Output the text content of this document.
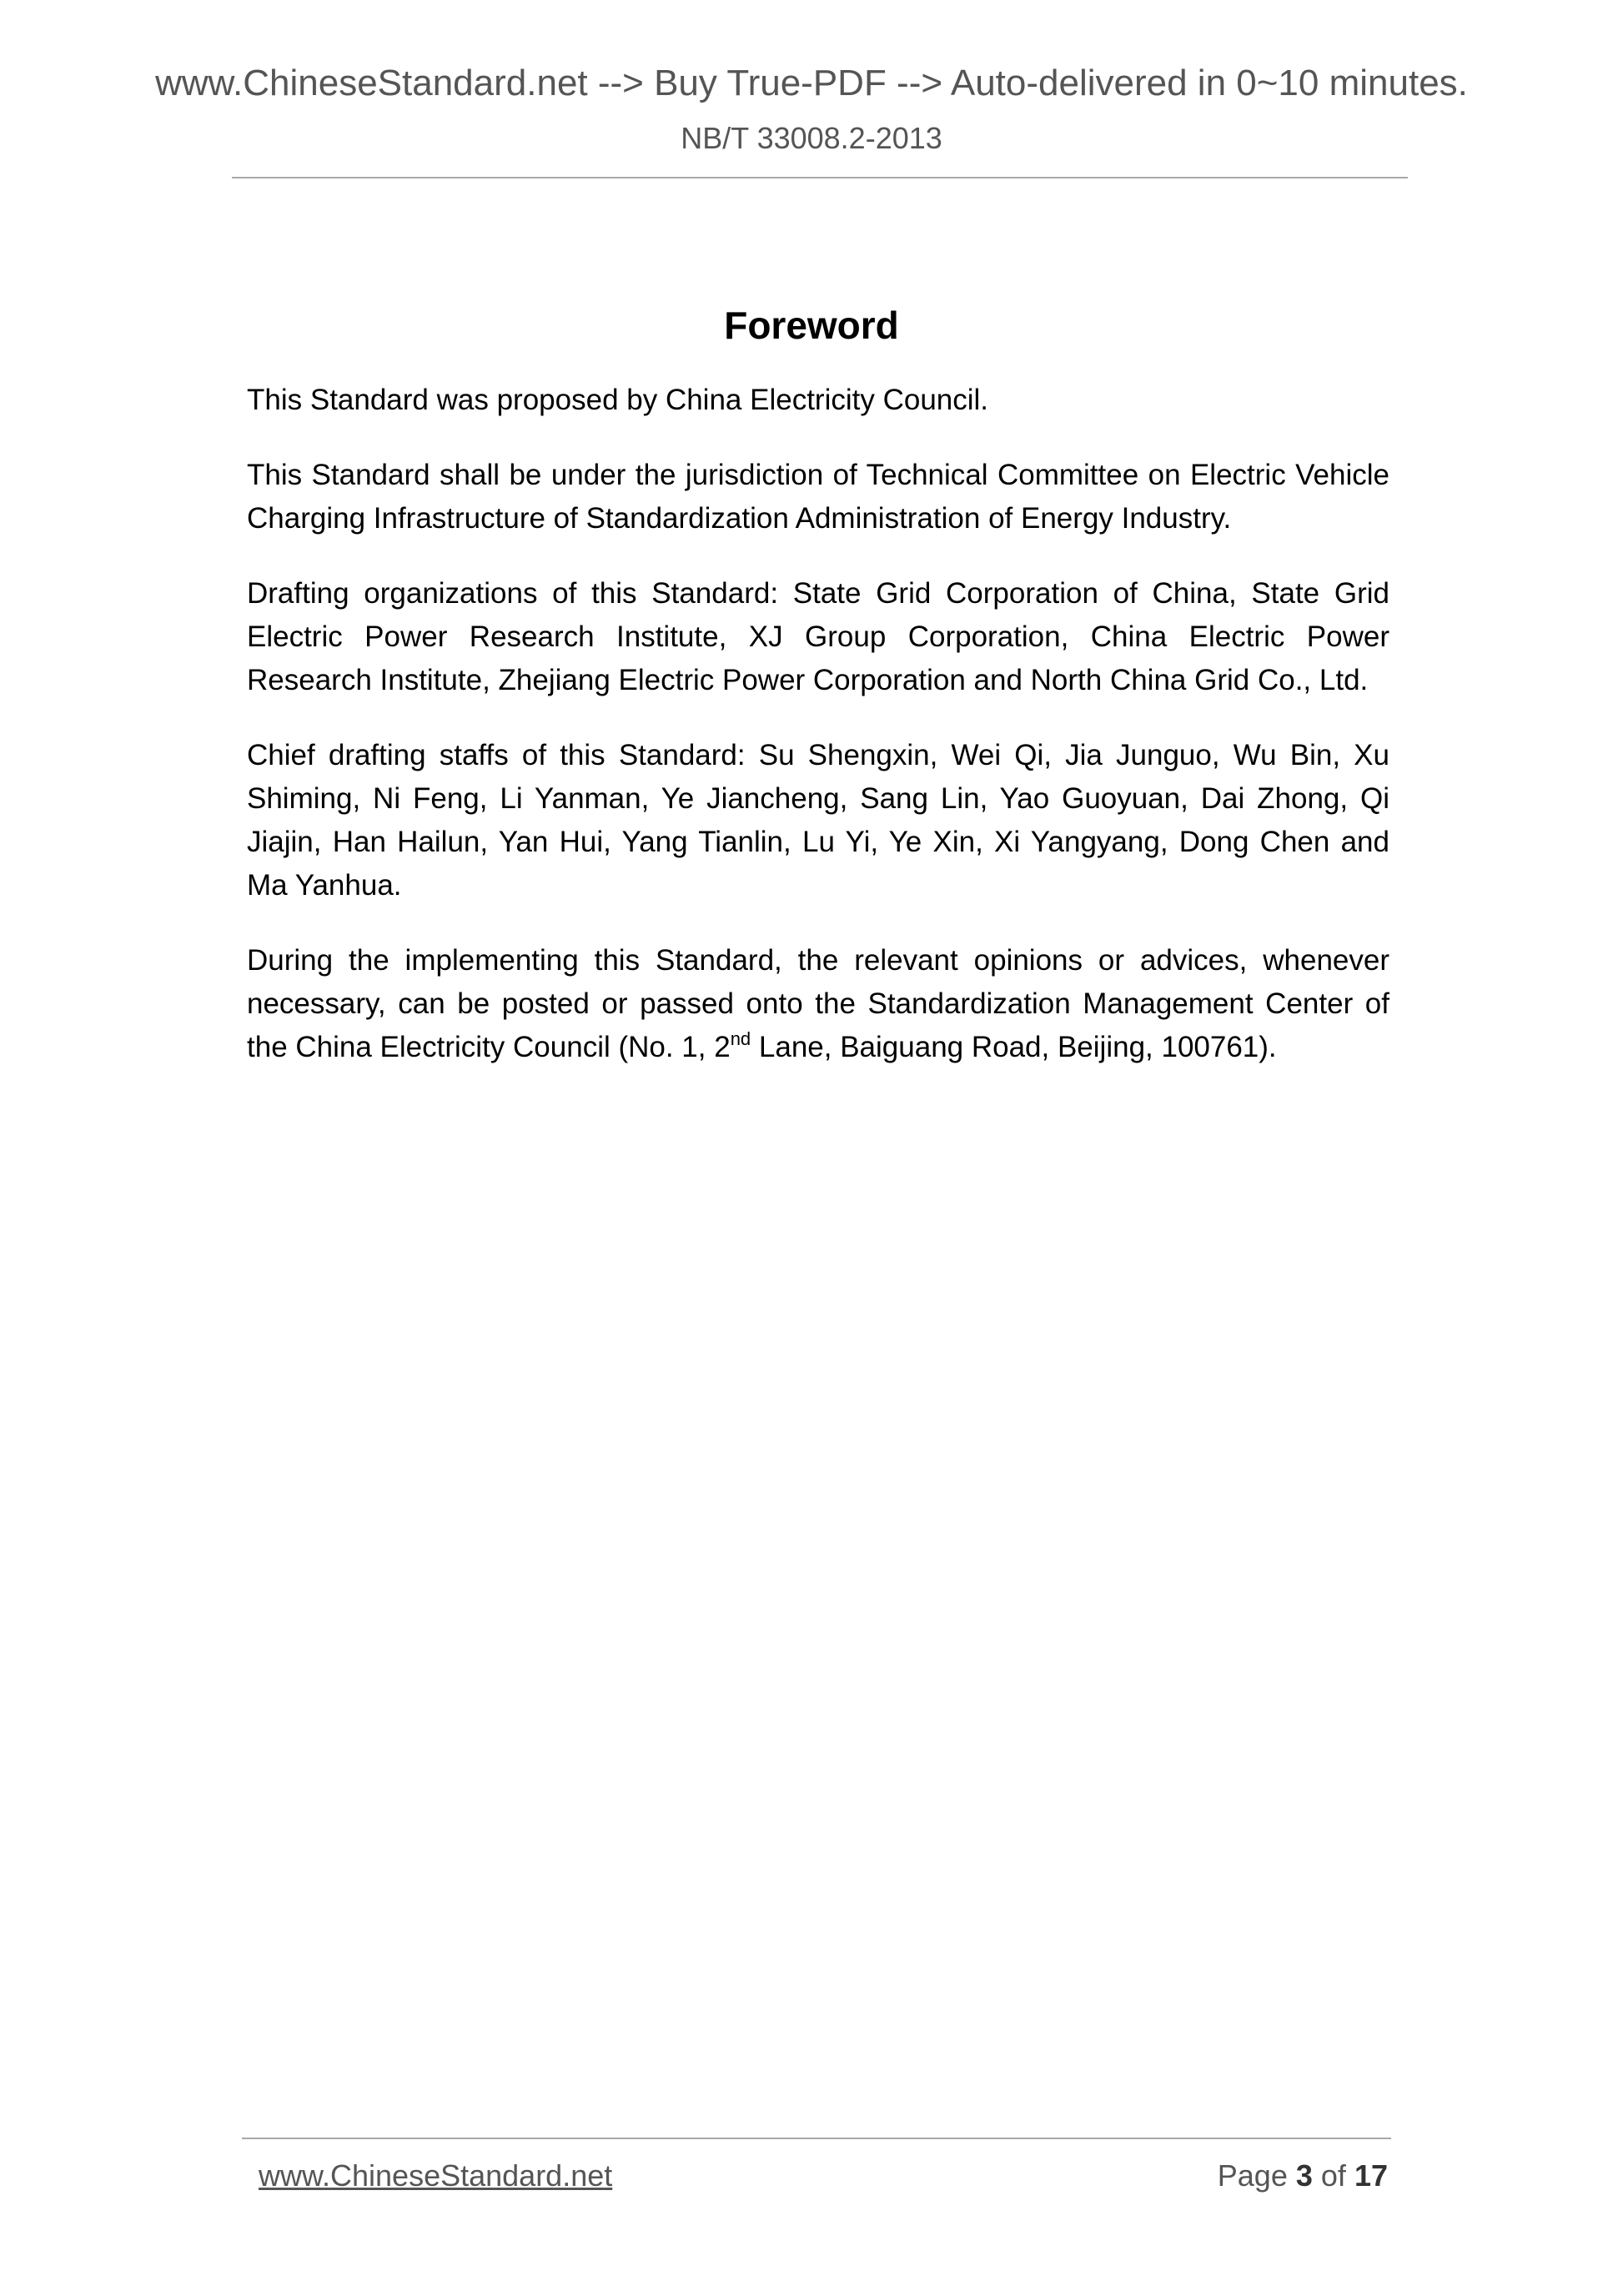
www.ChineseStandard.net --> Buy True-PDF --> Auto-delivered in 0~10 minutes.
NB/T 33008.2-2013
Foreword

This Standard was proposed by China Electricity Council.

This Standard shall be under the jurisdiction of Technical Committee on Electric Vehicle Charging Infrastructure of Standardization Administration of Energy Industry.

Drafting organizations of this Standard: State Grid Corporation of China, State Grid Electric Power Research Institute, XJ Group Corporation, China Electric Power Research Institute, Zhejiang Electric Power Corporation and North China Grid Co., Ltd.

Chief drafting staffs of this Standard: Su Shengxin, Wei Qi, Jia Junguo, Wu Bin, Xu Shiming, Ni Feng, Li Yanman, Ye Jiancheng, Sang Lin, Yao Guoyuan, Dai Zhong, Qi Jiajin, Han Hailun, Yan Hui, Yang Tianlin, Lu Yi, Ye Xin, Xi Yangyang, Dong Chen and Ma Yanhua.

During the implementing this Standard, the relevant opinions or advices, whenever necessary, can be posted or passed onto the Standardization Management Center of the China Electricity Council (No. 1, 2nd Lane, Baiguang Road, Beijing, 100761).

www.ChineseStandard.net	Page 3 of 17
